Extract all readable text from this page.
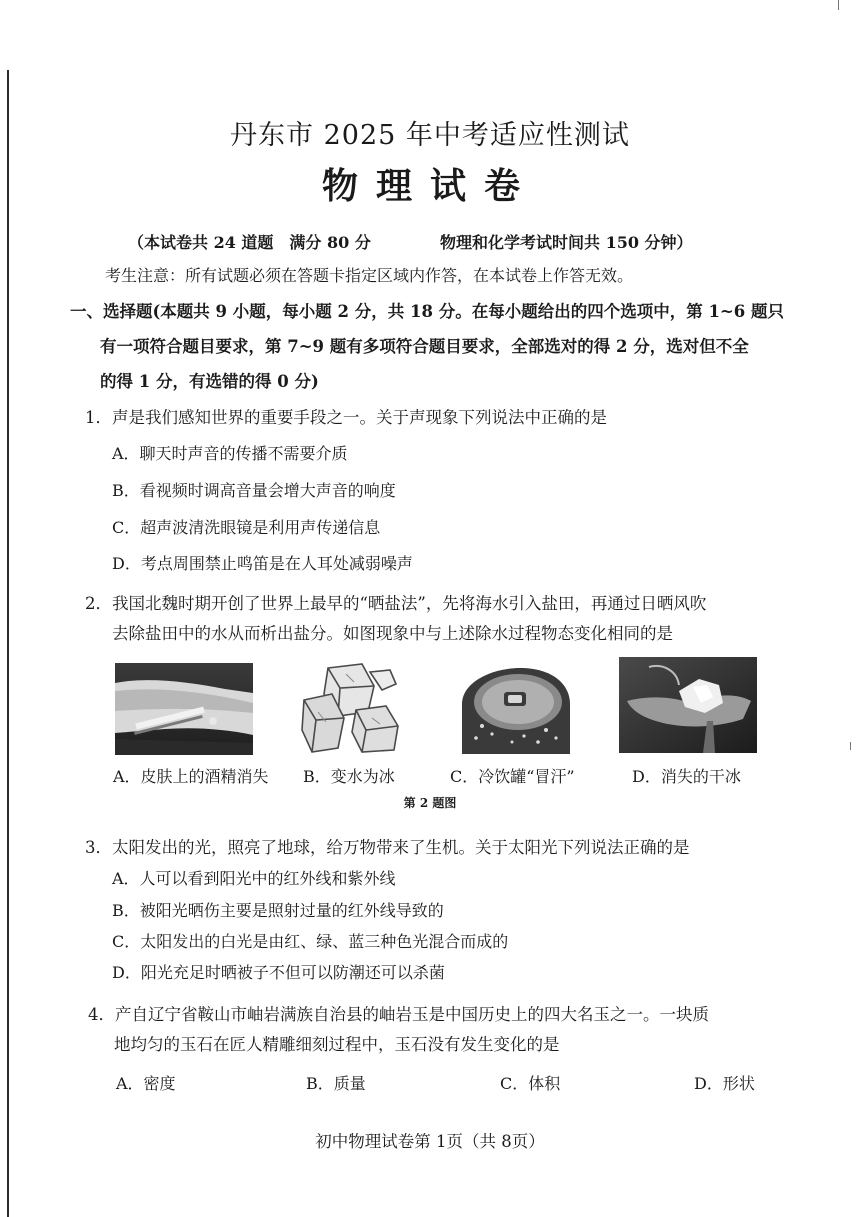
丹东市 2025 年中考适应性测试
物理试卷
（本试卷共 24 道题　满分 80 分	物理和化学考试时间共 150 分钟）
考生注意：所有试题必须在答题卡指定区域内作答，在本试卷上作答无效。
一、选择题(本题共 9 小题，每小题 2 分，共 18 分。在每小题给出的四个选项中，第 1~6 题只
有一项符合题目要求，第 7~9 题有多项符合题目要求，全部选对的得 2 分，选对但不全
的得 1 分，有选错的得 0 分)
1．声是我们感知世界的重要手段之一。关于声现象下列说法中正确的是
A．聊天时声音的传播不需要介质
B．看视频时调高音量会增大声音的响度
C．超声波清洗眼镜是利用声传递信息
D．考点周围禁止鸣笛是在人耳处减弱噪声
2．我国北魏时期开创了世界上最早的“晒盐法”，先将海水引入盐田，再通过日晒风吹
去除盐田中的水从而析出盐分。如图现象中与上述除水过程物态变化相同的是
A．皮肤上的酒精消失 B．变水为冰	C．冷饮罐“冒汗”	D．消失的干冰
第 2 题图
3．太阳发出的光，照亮了地球，给万物带来了生机。关于太阳光下列说法正确的是
A．人可以看到阳光中的红外线和紫外线
B．被阳光晒伤主要是照射过量的红外线导致的
C．太阳发出的白光是由红、绿、蓝三种色光混合而成的
D．阳光充足时晒被子不但可以防潮还可以杀菌
4．产自辽宁省鞍山市岫岩满族自治县的岫岩玉是中国历史上的四大名玉之一。一块质
地均匀的玉石在匠人精雕细刻过程中，玉石没有发生变化的是
A．密度	B．质量	C．体积	D．形状
初中物理试卷第 1页（共 8页）
